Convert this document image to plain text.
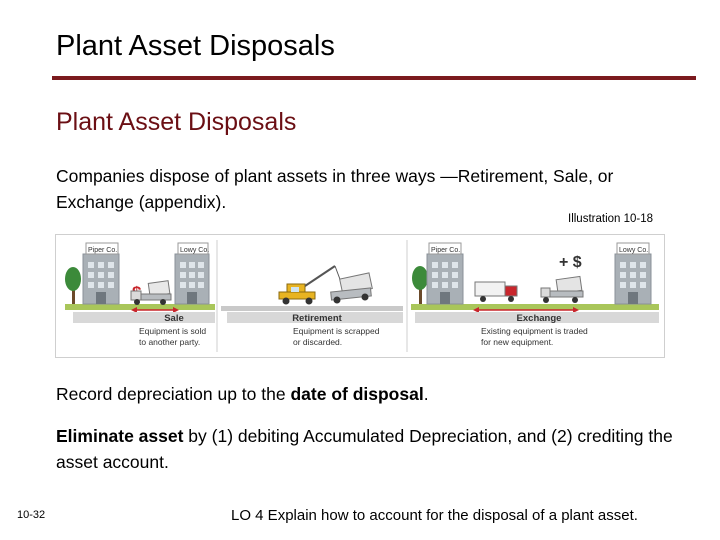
Plant Asset Disposals
Plant Asset Disposals
Companies dispose of plant assets in three ways —Retirement, Sale, or Exchange (appendix).
Illustration 10-18
Piper Co.	Lowy Co.
Sale
Equipment is sold
to another party.
Retirement
Equipment is scrapped
or discarded.
Piper Co.	Lowy Co.
+ $
Exchange
Existing equipment is traded
for new equipment.
Record depreciation up to the date of disposal.
Eliminate asset by (1) debiting Accumulated Depreciation, and (2) crediting the asset account.
10-32	LO 4 Explain how to account for the disposal of a plant asset.
